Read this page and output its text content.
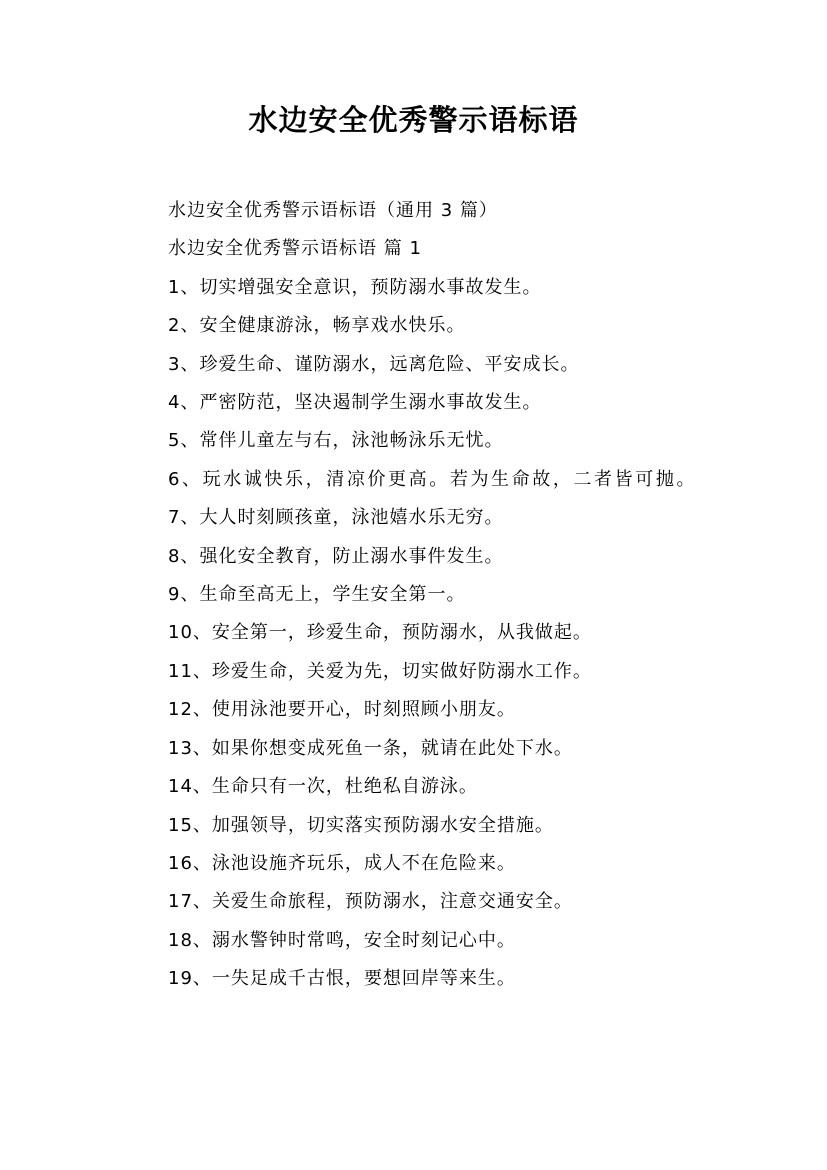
水边安全优秀警示语标语

水边安全优秀警示语标语（通用 3 篇）

水边安全优秀警示语标语 篇 1

1、切实增强安全意识，预防溺水事故发生。

2、安全健康游泳，畅享戏水快乐。

3、珍爱生命、谨防溺水，远离危险、平安成长。

4、严密防范，坚决遏制学生溺水事故发生。

5、常伴儿童左与右，泳池畅泳乐无忧。

6、玩水诚快乐，清凉价更高。若为生命故，二者皆可抛。

7、大人时刻顾孩童，泳池嬉水乐无穷。

8、强化安全教育，防止溺水事件发生。

9、生命至高无上，学生安全第一。

10、安全第一，珍爱生命，预防溺水，从我做起。

11、珍爱生命，关爱为先，切实做好防溺水工作。

12、使用泳池要开心，时刻照顾小朋友。

13、如果你想变成死鱼一条，就请在此处下水。

14、生命只有一次，杜绝私自游泳。

15、加强领导，切实落实预防溺水安全措施。

16、泳池设施齐玩乐，成人不在危险来。

17、关爱生命旅程，预防溺水，注意交通安全。

18、溺水警钟时常鸣，安全时刻记心中。

19、一失足成千古恨，要想回岸等来生。
